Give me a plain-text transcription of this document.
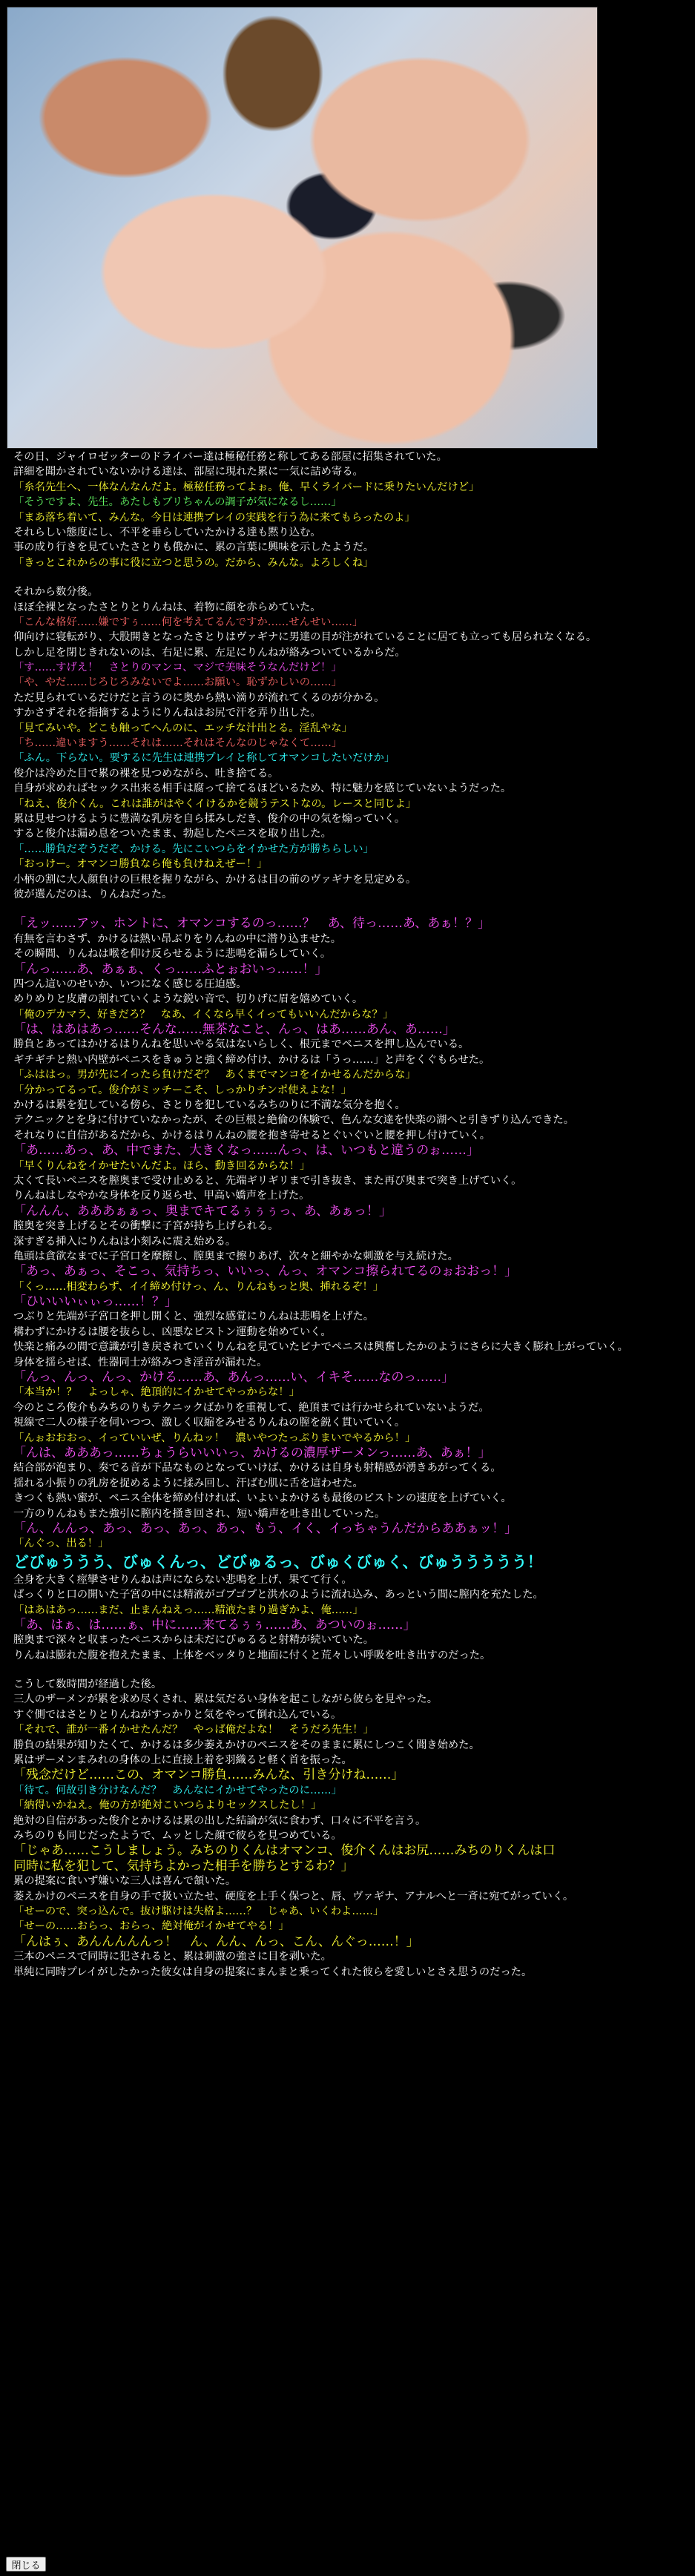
その日、ジャイロゼッターのドライバー達は極秘任務と称してある部屋に招集されていた。
詳細を聞かされていないかける達は、部屋に現れた累に一気に詰め寄る。
「糸名先生へ、一体なんなんだよ。極秘任務ってよぉ。俺、早くライバードに乗りたいんだけど」
「そうですよ、先生。あたしもブリちゃんの調子が気になるし……」
「まあ落ち着いて、みんな。今日は連携プレイの実践を行う為に来てもらったのよ」
それらしい態度にし、不平を垂らしていたかける達も黙り込む。
事の成り行きを見ていたさとりも俄かに、累の言葉に興味を示したようだ。
「きっとこれからの事に役に立つと思うの。だから、みんな。よろしくね」
それから数分後。
ほぼ全裸となったさとりとりんねは、着物に顔を赤らめていた。
「こんな格好……嫌ですぅ……何を考えてるんですか……せんせい……」
仰向けに寝転がり、大股開きとなったさとりはヴァギナに男達の目が注がれていることに居ても立っても居られなくなる。
しかし足を閉じきれないのは、右足に累、左足にりんねが絡みついているからだ。
「す……すげえ！　さとりのマンコ、マジで美味そうなんだけど！」
「や、やだ……じろじろみないでよ……お願い。恥ずかしいの……」
ただ見られているだけだと言うのに奥から熱い滴りが流れてくるのが分かる。
すかさずそれを指摘するようにりんねはお尻で汗を弄り出した。
「見てみいや。どこも触ってへんのに、エッチな汁出とる。淫乱やな」
「ち……違いますう……それは……それはそんなのじゃなくて……」
「ふん。下らない。要するに先生は連携プレイと称してオマンコしたいだけか」
俊介は冷めた目で累の裸を見つめながら、吐き捨てる。
自身が求めればセックス出来る相手は腐って捨てるほどいるため、特に魅力を感じていないようだった。
「ねえ、俊介くん。これは誰がはやくイけるかを競うテストなの。レースと同じよ」
累は見せつけるように豊満な乳房を自ら揉みしだき、俊介の中の気を煽っていく。
すると俊介は漏め息をついたまま、勃起したペニスを取り出した。
「……勝負だぞうだぞ、かける。先にこいつらをイかせた方が勝ちらしい」
「おっけー。オマンコ勝負なら俺も負けねえぜー！」
小柄の割に大人顔負けの巨根を握りながら、かけるは目の前のヴァギナを見定める。
彼が選んだのは、りんねだった。
「えッ……アッ、ホントに、オマンコするのっ……？　あ、待っ……あ、あぁ！？」
有無を言わさず、かけるは熱い昂ぶりをりんねの中に潜り込ませた。
その瞬間、りんねは喉を仰け反らせるように悲鳴を漏らしていく。
「んっ……あ、あぁぁ、くっ……ふとぉおいっ……！」
四つん這いのせいか、いつになく感じる圧迫感。
めりめりと皮膚の割れていくような鋭い音で、切りげに眉を嬉めていく。
「俺のデカマラ、好きだろ？　なあ、イくなら早くイってもいいんだからな？」
「は、はあはあっ……そんな……無茶なこと、んっ、はあ……あん、あ……」
勝負とあってはかけるはりんねを思いやる気はないらしく、根元までペニスを押し込んでいる。
ギチギチと熱い内壁がペニスをきゅうと強く締め付け、かけるは「うっ……」と声をくぐもらせた。
「ふははっ。男が先にイったら負けだぞ？　あくまでマンコをイかせるんだからな」
「分かってるって。俊介がミッチーこそ、しっかりチンポ使えよな！」
かけるは累を犯している傍ら、さとりを犯しているみちのりに不満な気分を抱く。
テクニックとを身に付けていなかったが、その巨根と絶倫の体験で、色んな女達を快楽の湖へと引きずり込んできた。
それなりに自信があるだから、かけるはりんねの腰を抱き寄せるとぐいぐいと腰を押し付けていく。
「あ……あっ、あ、中でまた、大きくなっ……んっ、は、いつもと違うのぉ……」
「早くりんねをイかせたいんだよ。ほら、動き回るからな！」
太くて長いペニスを膣奥まで受け止めると、先端ギリギリまで引き抜き、また再び奥まで突き上げていく。
りんねはしなやかな身体を反り返らせ、甲高い嬌声を上げた。
「んんん、あああぁぁっ、奥までキてるぅぅぅっ、あ、あぁっ！」
膣奥を突き上げるとその衝撃に子宮が持ち上げられる。
深すぎる挿入にりんねは小刻みに震え始める。
亀頭は貪欲なまでに子宮口を摩擦し、膣奥まで擦りあげ、次々と細やかな刺激を与え続けた。
「あっ、あぁっ、そこっ、気持ちっ、いいっ、んっ、オマンコ擦られてるのぉおおっ！」
「くっ……相変わらず、イイ締め付けっ、ん、りんねもっと奥、挿れるぞ！」
「ひいいいぃぃっ……！？」
つぶりと先端が子宮口を押し開くと、強烈な感覚にりんねは悲鳴を上げた。
構わずにかけるは腰を抜らし、凶悪なピストン運動を始めていく。
快楽と痛みの間で意識が引き戻されていくりんねを見ていたピナでペニスは興奮したかのようにさらに大きく膨れ上がっていく。
身体を揺らせば、性器同士が絡みつき淫音が漏れた。
「んっ、んっ、んっ、かける……あ、あんっ……い、イキそ……なのっ……」
「本当か！？　よっしゃ、絶頂的にイかせてやっからな！」
今のところ俊介もみちのりもテクニックばかりを重視して、絶頂までは行かせられていないようだ。
視線で二人の様子を伺いつつ、激しく収縮をみせるりんねの膣を鋭く貫いていく。
「んぉおおおっ、イっていいぜ、りんねッ！　濃いやつたっぷりまいでやるから！」
「んは、あああっ……ちょうらいいいっ、かけるの濃厚ザーメンっ……あ、あぁ！」
結合部が泡まり、奏でる音が下品なものとなっていけば、かけるは自身も射精感が湧きあがってくる。
揺れる小振りの乳房を捉めるように揉み回し、汗ばむ肌に舌を這わせた。
きつくも熱い蜜が、ペニス全体を締め付ければ、いよいよかけるも最後のピストンの速度を上げていく。
一方のりんねもまた強引に膣内を掻き回され、短い嬌声を吐き出していった。
「ん、んんっ、あっ、あっ、あっ、あっ、もう、イく、イっちゃうんだからああぁッ！」
「んぐっ、出る！」
どびゅううう、びゅくんっ、どびゅるっ、びゅくびゅく、びゅううううう！
全身を大きく痙攣させりんねは声にならない悲鳴を上げ、果てて行く。
ぱっくりと口の開いた子宮の中には精液がゴプゴプと洪水のように流れ込み、あっという間に膣内を充たした。
「はあはあっ……まだ、止まんねえっ……精液たまり過ぎかよ、俺……」
「あ、はぁ、は……ぁ、中に……来てるぅぅ……あ、あついのぉ……」
膣奥まで深々と収まったペニスからは未だにびゅるると射精が続いていた。
りんねは膨れた腹を抱えたまま、上体をベッタりと地面に付くと荒々しい呼吸を吐き出すのだった。
こうして数時間が経過した後。
三人のザーメンが累を求め尽くされ、累は気だるい身体を起こしながら彼らを見やった。
すぐ側ではさとりとりんねがすっかりと気をやって倒れ込んでいる。
「それで、誰が一番イかせたんだ？　やっぱ俺だよな！　そうだろ先生！」
勝負の結果が知りたくて、かけるは多少萎えかけのペニスをそのままに累にしつこく聞き始めた。
累はザーメンまみれの身体の上に直接上着を羽織ると軽く首を振った。
「残念だけど……この、オマンコ勝負……みんな、引き分けね……」
「待て。何故引き分けなんだ？　あんなにイかせてやったのに……」
「納得いかねえ。俺の方が絶対こいつらよりセックスしたし！」
絶対の自信があった俊介とかけるは累の出した結論が気に食わず、口々に不平を言う。
みちのりも同じだったようで、ムッとした顔で彼らを見つめている。
「じゃあ……こうしましょう。みちのりくんはオマンコ、俊介くんはお尻……みちのりくんは口
同時に私を犯して、気持ちよかった相手を勝ちとするわ？」
累の提案に食いず嫌いな三人は喜んで頷いた。
萎えかけのペニスを自身の手で扱い立たせ、硬度を上手く保つと、唇、ヴァギナ、アナルへと一斉に宛てがっていく。
「せーので、突っ込んで。抜け駆けは失格よ……？　じゃあ、いくわよ……」
「せーの……おらっ、おらっ、絶対俺がイかせてやる！」
「んはぅ、あんんんんんっ！　ん、んん、んっ、こん、んぐっ……！」
三本のペニスで同時に犯されると、累は刺激の強さに目を剥いた。
単純に同時プレイがしたかった彼女は自身の提案にまんまと乗ってくれた彼らを愛しいとさえ思うのだった。
閉じる
